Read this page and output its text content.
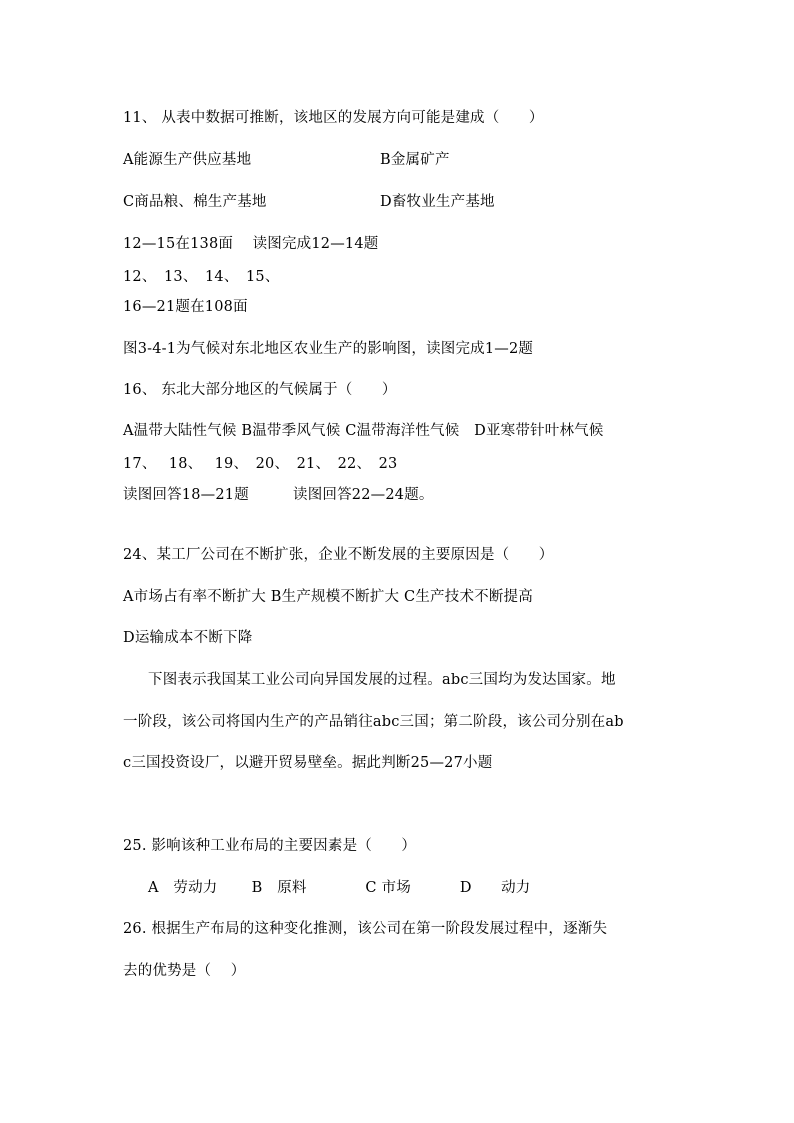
11、 从表中数据可推断，该地区的发展方向可能是建成（　　）
A能源生产供应基地	B金属矿产
C商品粮、棉生产基地	D畜牧业生产基地
12—15在138面　 读图完成12—14题
12、　13、　14、　15、
16—21题在108面
图3-4-1为气候对东北地区农业生产的影响图，读图完成1—2题
16、 东北大部分地区的气候属于（　　）
A温带大陆性气候 B温带季风气候 C温带海洋性气候　D亚寒带针叶林气候
17、　 18、　 19、　20、　21、　22、　23
读图回答18—21题　　　读图回答22—24题。
24、某工厂公司在不断扩张，企业不断发展的主要原因是（　　）
A市场占有率不断扩大 B生产规模不断扩大 C生产技术不断提高
D运输成本不断下降
下图表示我国某工业公司向异国发展的过程。abc三国均为发达国家。地
一阶段，该公司将国内生产的产品销往abc三国；第二阶段，该公司分别在ab
c三国投资设厂，以避开贸易壁垒。据此判断25—27小题
25. 影响该种工业布局的主要因素是（　　）
A　劳动力　　 B　原料　　　　C 市场　　　 D　　动力
26. 根据生产布局的这种变化推测，该公司在第一阶段发展过程中，逐渐失
去的优势是（　 ）
